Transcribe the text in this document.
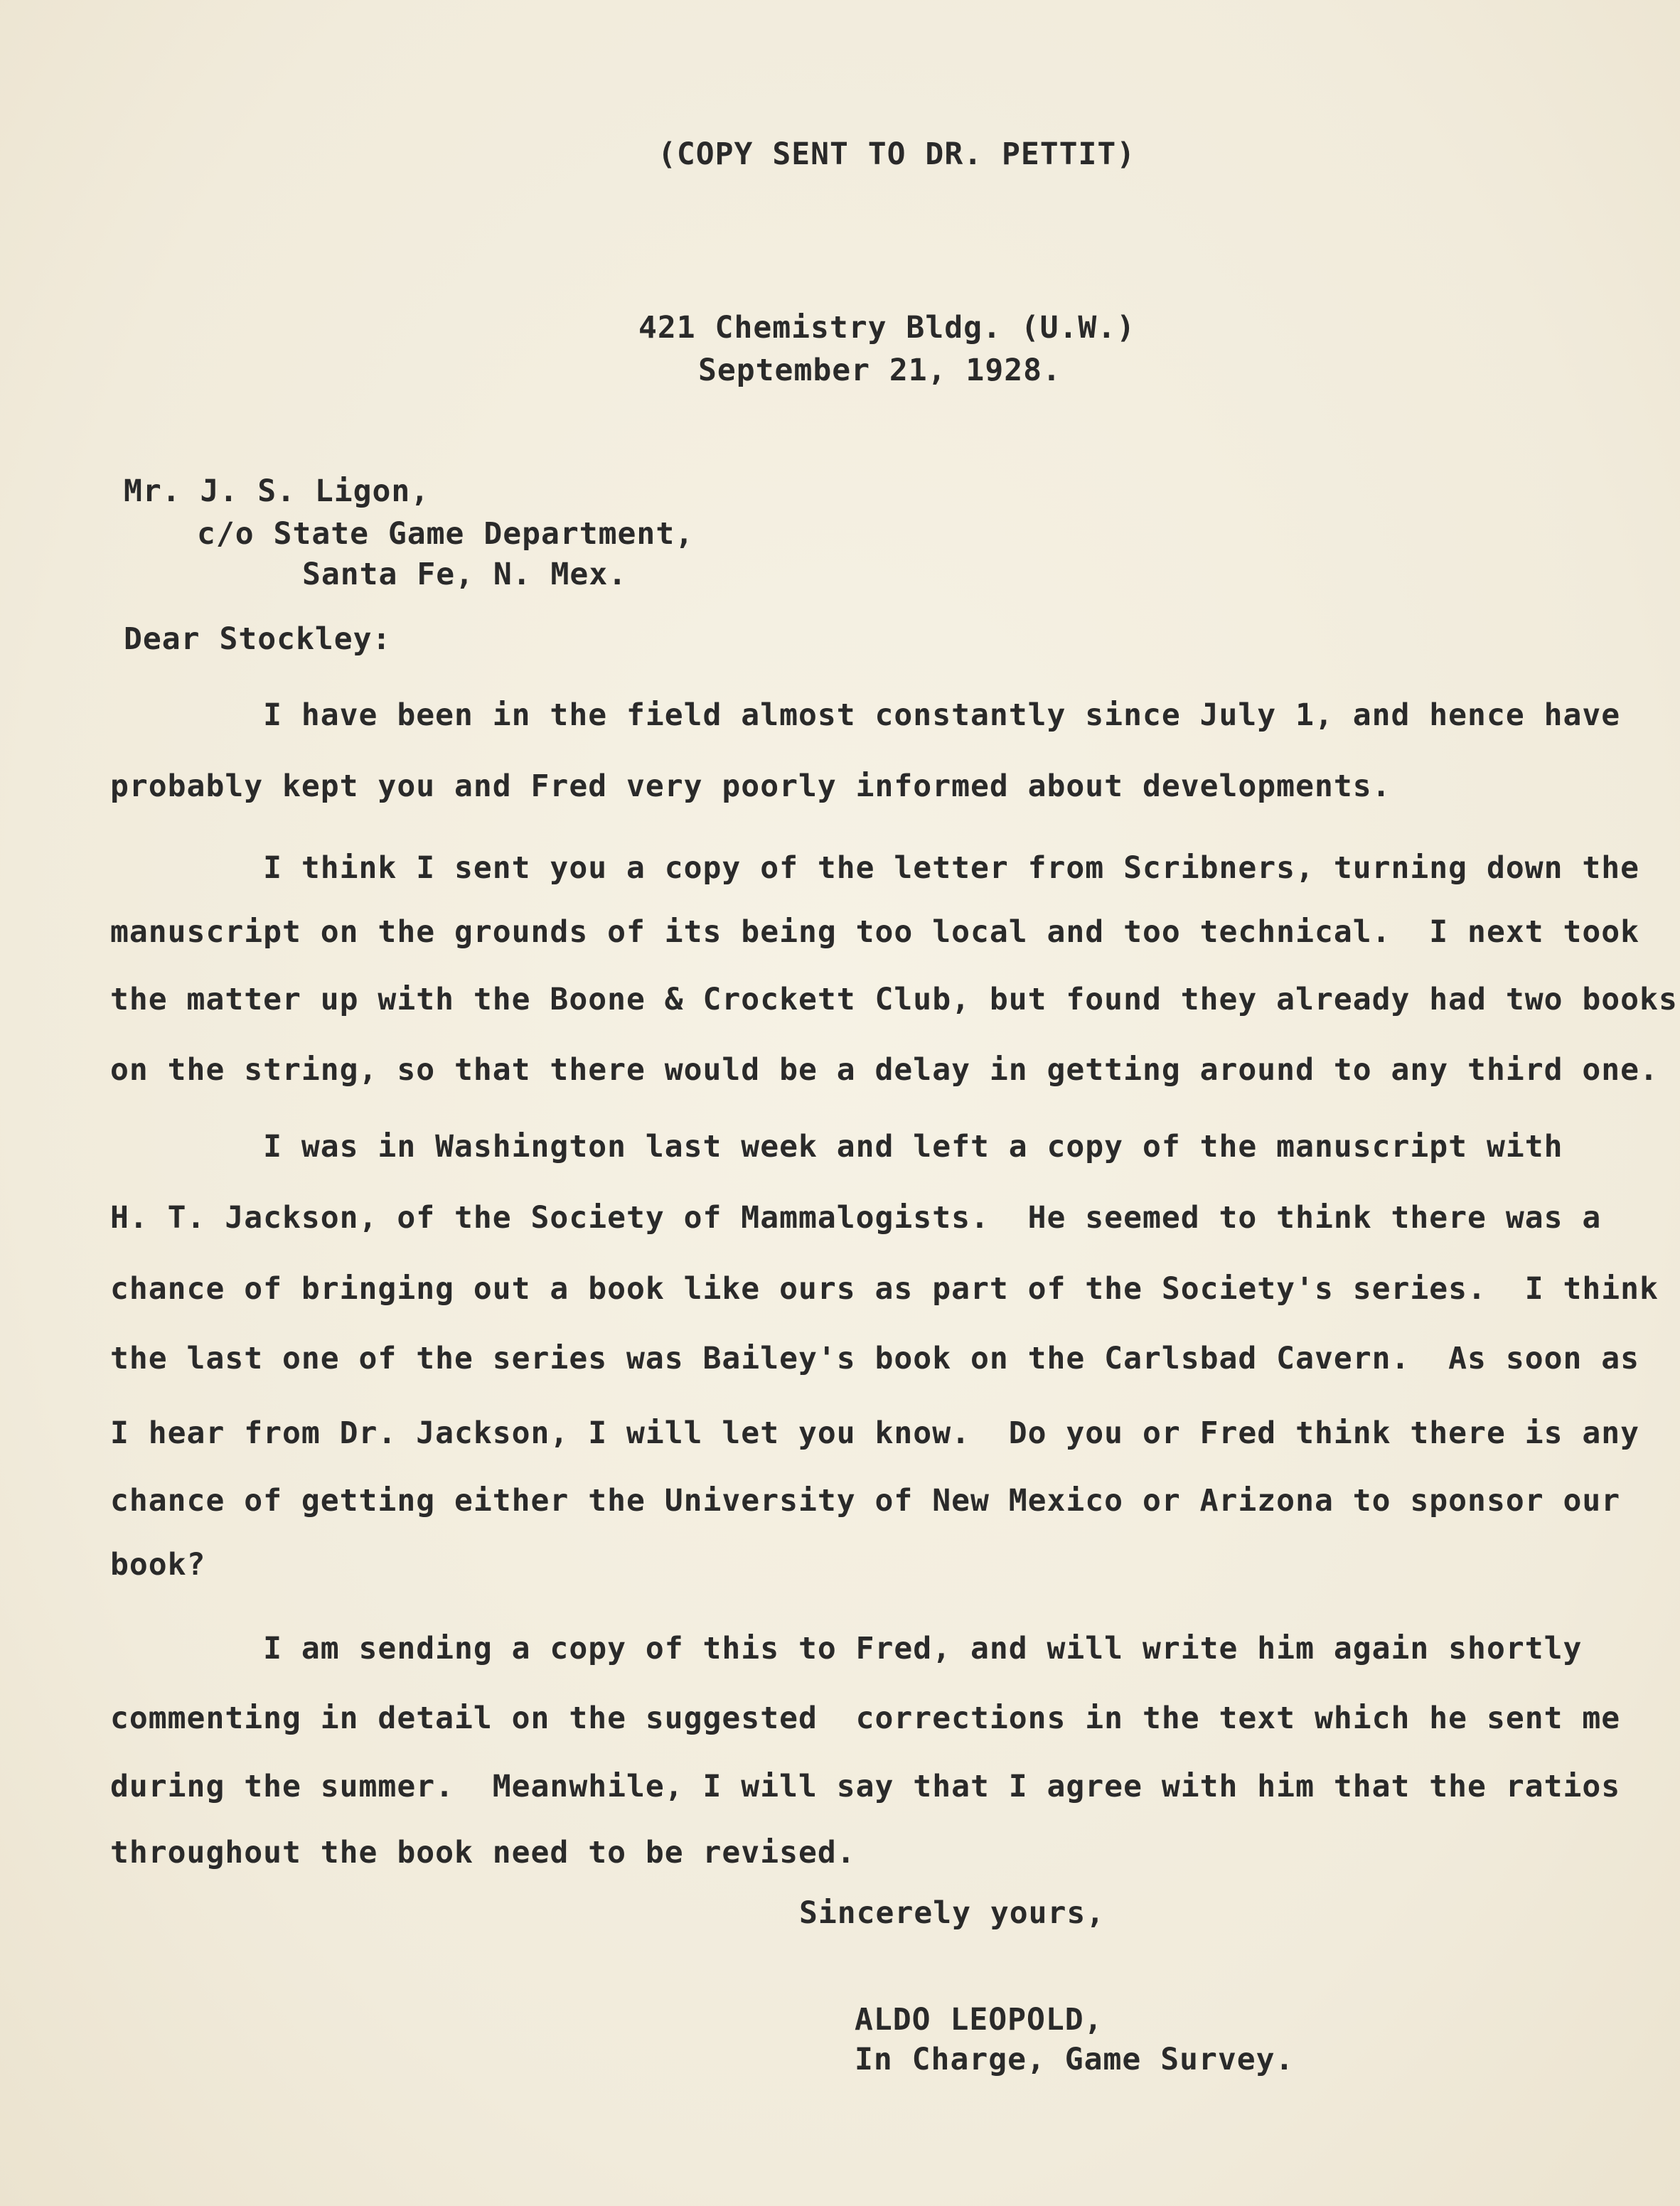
(COPY SENT TO DR. PETTIT)
421 Chemistry Bldg. (U.W.)
September 21, 1928.
Mr. J. S. Ligon,
c/o State Game Department,
Santa Fe, N. Mex.
Dear Stockley:
I have been in the field almost constantly since July 1, and hence have
probably kept you and Fred very poorly informed about developments.
I think I sent you a copy of the letter from Scribners, turning down the
manuscript on the grounds of its being too local and too technical.  I next took
the matter up with the Boone & Crockett Club, but found they already had two books
on the string, so that there would be a delay in getting around to any third one.
I was in Washington last week and left a copy of the manuscript with
H. T. Jackson, of the Society of Mammalogists.  He seemed to think there was a
chance of bringing out a book like ours as part of the Society's series.  I think
the last one of the series was Bailey's book on the Carlsbad Cavern.  As soon as
I hear from Dr. Jackson, I will let you know.  Do you or Fred think there is any
chance of getting either the University of New Mexico or Arizona to sponsor our
book?
I am sending a copy of this to Fred, and will write him again shortly
commenting in detail on the suggested  corrections in the text which he sent me
during the summer.  Meanwhile, I will say that I agree with him that the ratios
throughout the book need to be revised.
Sincerely yours,
ALDO LEOPOLD,
In Charge, Game Survey.
